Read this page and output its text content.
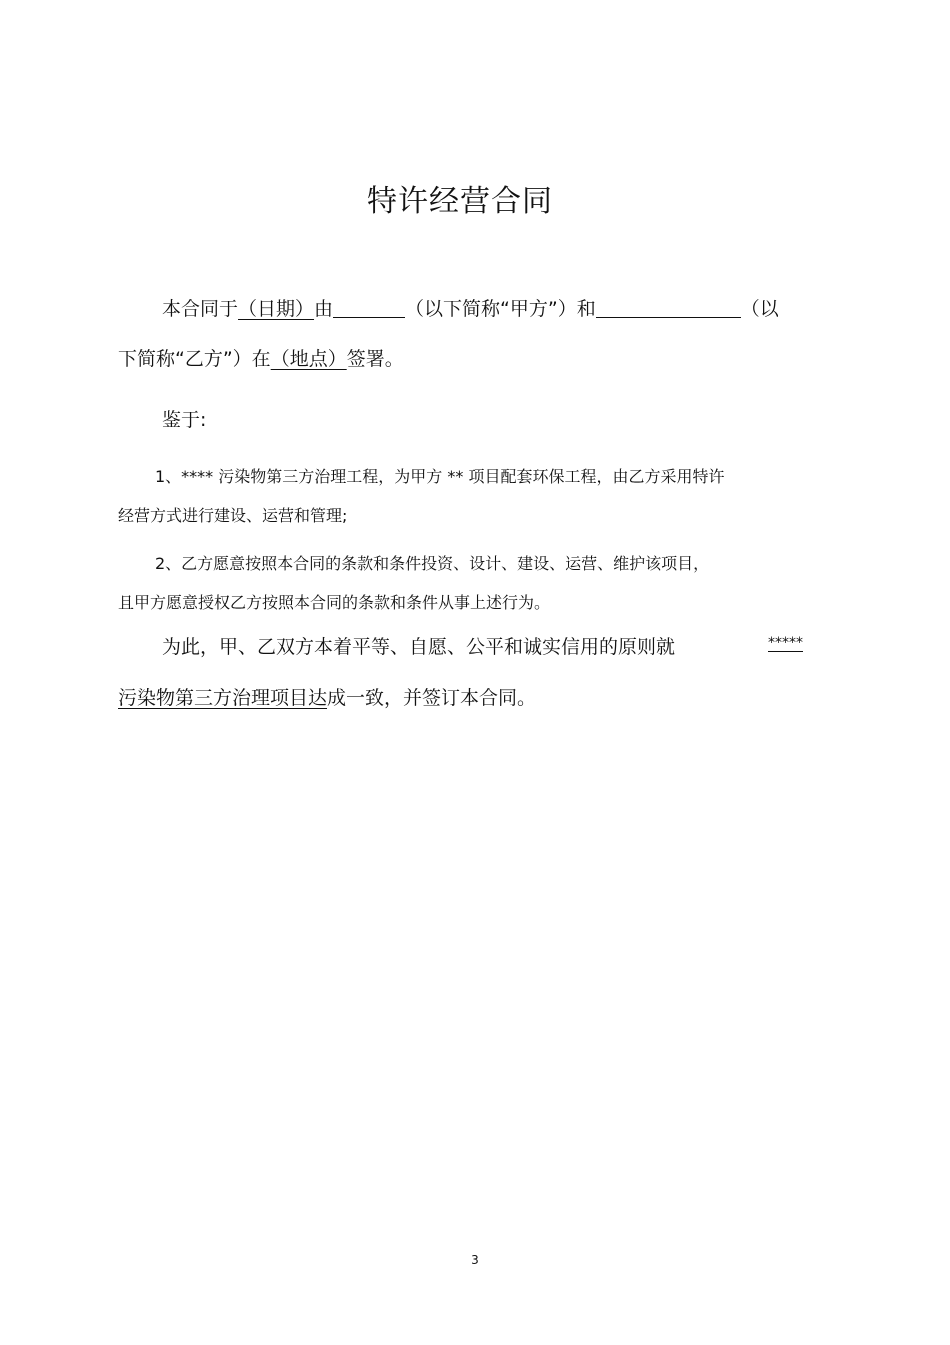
特许经营合同
本合同于（日期）由	（以下简称“甲方”）和	（以
下简称“乙方”）在（地点）签署。
鉴于:
1、**** 污染物第三方治理工程，为甲方 ** 项目配套环保工程，由乙方采用特许
经营方式进行建设、运营和管理;
2、乙方愿意按照本合同的条款和条件投资、设计、建设、运营、维护该项目，
且甲方愿意授权乙方按照本合同的条款和条件从事上述行为。
为此，甲、乙双方本着平等、自愿、公平和诚实信用的原则就	*****
污染物第三方治理项目达成一致，并签订本合同。
3
